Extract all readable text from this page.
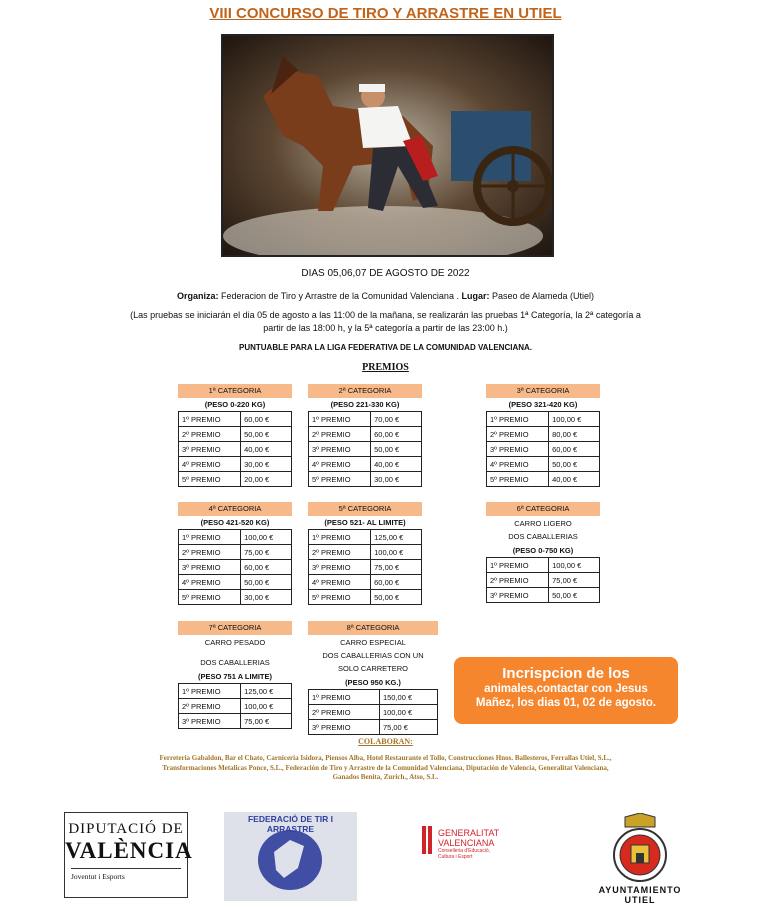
VIII CONCURSO DE TIRO Y ARRASTRE EN UTIEL
DIAS 05,06,07 DE AGOSTO DE 2022
Organiza: Federacion de Tiro y Arrastre de la Comunidad Valenciana . Lugar: Paseo de Alameda (Utiel)
(Las pruebas se iniciarán el dia 05 de agosto a las 11:00 de la mañana, se realizarán las pruebas 1ª Categoría, la 2ª categoría a
partir de las 18:00 h, y la 5ª categoría a partir de las 23:00 h.)
PUNTUABLE PARA LA LIGA FEDERATIVA DE LA COMUNIDAD VALENCIANA.
PREMIOS
1ª CATEGORIA
(PESO 0-220 KG)
1º PREMIO	60,00 €
2º PREMIO	50,00 €
3º PREMIO	40,00 €
4º PREMIO	30,00 €
5º PREMIO	20,00 €
2ª CATEGORIA
(PESO 221-330 KG)
1º PREMIO	70,00 €
2º PREMIO	60,00 €
3º PREMIO	50,00 €
4º PREMIO	40,00 €
5º PREMIO	30,00 €
3ª CATEGORIA
(PESO 321-420 KG)
1º PREMIO	100,00 €
2º PREMIO	80,00 €
3º PREMIO	60,00 €
4º PREMIO	50,00 €
5º PREMIO	40,00 €
4ª CATEGORIA
(PESO 421-520 KG)
1º PREMIO	100,00 €
2º PREMIO	75,00 €
3º PREMIO	60,00 €
4º PREMIO	50,00 €
5º PREMIO	30,00 €
5ª CATEGORIA
(PESO 521- AL LIMITE)
1º PREMIO	125,00 €
2º PREMIO	100,00 €
3º PREMIO	75,00 €
4º PREMIO	60,00 €
5º PREMIO	50,00 €
6ª CATEGORIA
CARRO LIGERO
DOS CABALLERIAS
(PESO 0-750 KG)
1º PREMIO	100,00 €
2º PREMIO	75,00 €
3º PREMIO	50,00 €
7ª CATEGORIA
CARRO PESADO
DOS CABALLERIAS
(PESO 751 A LIMITE)
1º PREMIO	125,00 €
2º PREMIO	100,00 €
3º PREMIO	75,00 €
8ª CATEGORIA
CARRO ESPECIAL
DOS CABALLERIAS CON UN
SOLO CARRETERO
(PESO 950 KG.)
1º PREMIO	150,00 €
2º PREMIO	100,00 €
3º PREMIO	75,00 €
Incrispcion de los
animales,contactar con Jesus
Mañez, los dias 01, 02 de agosto.
COLABORAN:
Ferreteria Gabaldon, Bar el Chato, Carniceria Isidora, Piensos Alba, Hotel Restaurante el Tollo, Construcciones Hnos. Ballesteros, Ferrallas Utiel, S.L.,
Transformaciones Metalicas Ponce, S.L., Federación de Tiro y Arrastre de la Comunidad Valenciana, Diputación de Valencia, Generalitat Valenciana,
Ganados Benita, Zurich., Atso, S.L.
DIPUTACIÓ DE
VALÈNCIA
Joventut i Esports
FEDERACIÓ DE TIR I ARRASTRE	GENERALITAT
VALENCIANA
Conselleria d'Educació,
Cultura i Esport
AYUNTAMIENTO
UTIEL
